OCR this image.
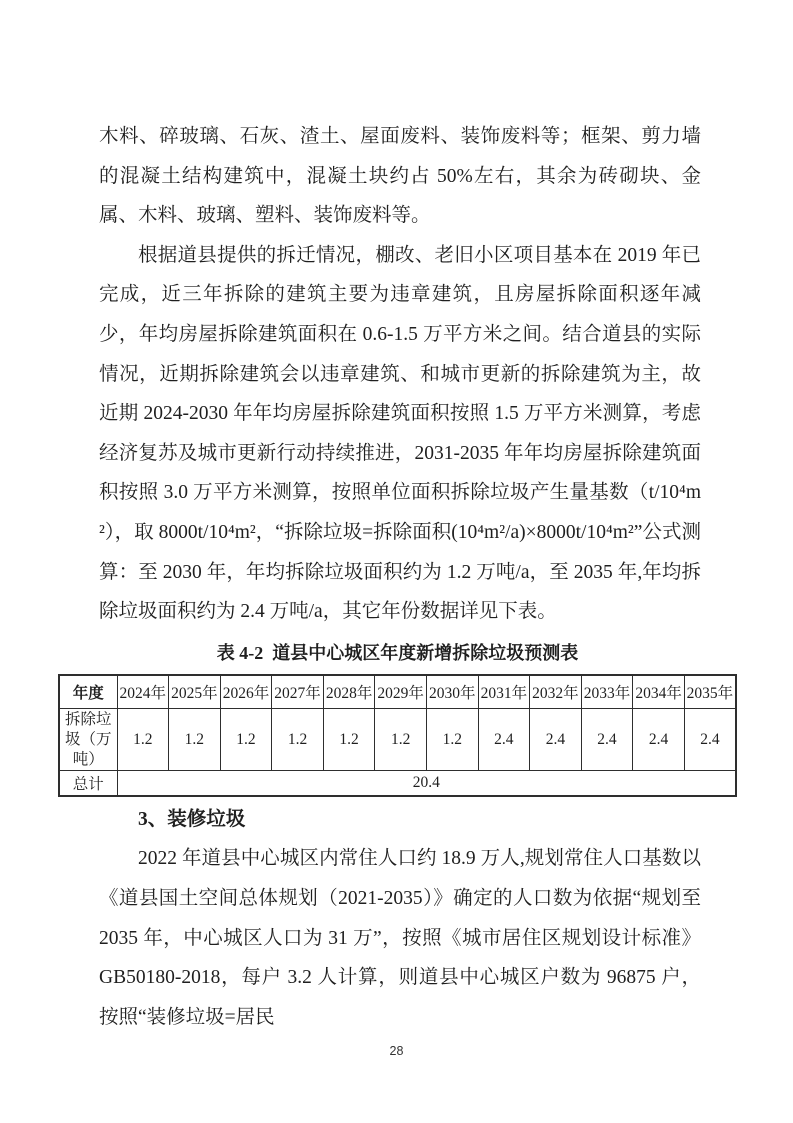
木料、碎玻璃、石灰、渣土、屋面废料、装饰废料等；框架、剪力墙的混凝土结构建筑中，混凝土块约占 50%左右，其余为砖砌块、金属、木料、玻璃、塑料、装饰废料等。

根据道县提供的拆迁情况，棚改、老旧小区项目基本在 2019 年已完成，近三年拆除的建筑主要为违章建筑，且房屋拆除面积逐年减少，年均房屋拆除建筑面积在 0.6-1.5 万平方米之间。结合道县的实际情况，近期拆除建筑会以违章建筑、和城市更新的拆除建筑为主，故近期 2024-2030 年年均房屋拆除建筑面积按照 1.5 万平方米测算，考虑经济复苏及城市更新行动持续推进，2031-2035 年年均房屋拆除建筑面积按照 3.0 万平方米测算，按照单位面积拆除垃圾产生量基数（t/10⁴m²），取 8000t/10⁴m²，“拆除垃圾=拆除面积(10⁴m²/a)×8000t/10⁴m²”公式测算：至 2030 年，年均拆除垃圾面积约为 1.2 万吨/a，至 2035 年,年均拆除垃圾面积约为 2.4 万吨/a，其它年份数据详见下表。

表 4-2  道县中心城区年度新增拆除垃圾预测表
年度	2024年	2025年	2026年	2027年	2028年	2029年	2030年	2031年	2032年	2033年	2034年	2035年
拆除垃圾（万吨）	1.2	1.2	1.2	1.2	1.2	1.2	1.2	2.4	2.4	2.4	2.4	2.4
总计	20.4											

3、装修垃圾

2022 年道县中心城区内常住人口约 18.9 万人,规划常住人口基数以《道县国土空间总体规划（2021-2035）》确定的人口数为依据“规划至 2035 年，中心城区人口为 31 万”，按照《城市居住区规划设计标准》GB50180-2018，每户 3.2 人计算，则道县中心城区户数为 96875 户，按照“装修垃圾=居民

28
